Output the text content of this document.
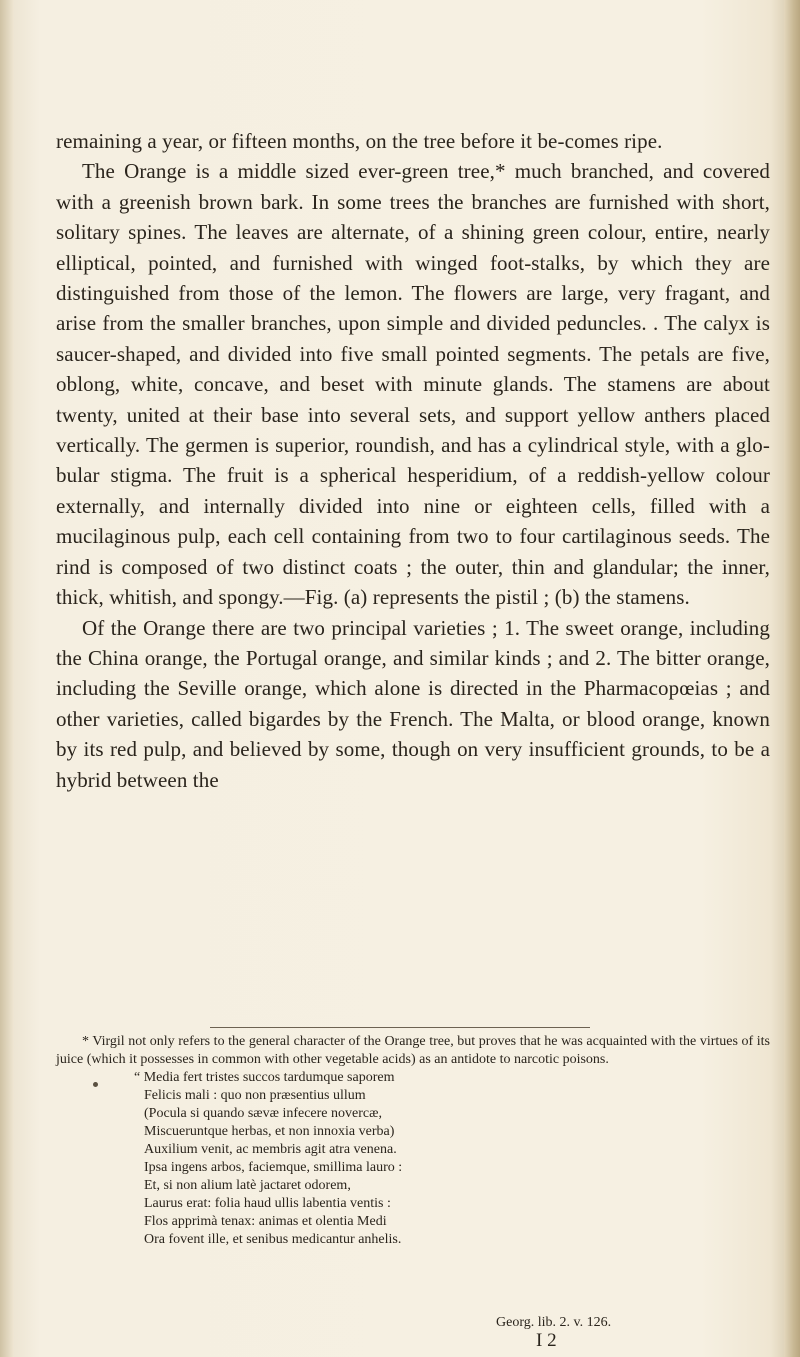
remaining a year, or fifteen months, on the tree before it be-comes ripe.

The Orange is a middle sized ever-green tree,* much branched, and covered with a greenish brown bark. In some trees the branches are furnished with short, solitary spines. The leaves are alternate, of a shining green colour, entire, nearly elliptical, pointed, and furnished with winged foot-stalks, by which they are distinguished from those of the lemon. The flowers are large, very fragant, and arise from the smaller branches, upon simple and divided peduncles. . The calyx is saucer-shaped, and divided into five small pointed segments. The petals are five, oblong, white, concave, and beset with minute glands. The stamens are about twenty, united at their base into several sets, and support yellow anthers placed vertically. The germen is superior, roundish, and has a cylindrical style, with a glo-bular stigma. The fruit is a spherical hesperidium, of a reddish-yellow colour externally, and internally divided into nine or eighteen cells, filled with a mucilaginous pulp, each cell containing from two to four cartilaginous seeds. The rind is composed of two distinct coats ; the outer, thin and glandular; the inner, thick, whitish, and spongy.—Fig. (a) represents the pistil ; (b) the stamens.

Of the Orange there are two principal varieties ; 1. The sweet orange, including the China orange, the Portugal orange, and similar kinds ; and 2. The bitter orange, including the Seville orange, which alone is directed in the Pharmacopœias ; and other varieties, called bigardes by the French. The Malta, or blood orange, known by its red pulp, and believed by some, though on very insufficient grounds, to be a hybrid between the

* Virgil not only refers to the general character of the Orange tree, but proves that he was acquainted with the virtues of its juice (which it possesses in common with other vegetable acids) as an antidote to narcotic poisons.

“ Media fert tristes succos tardumque saporem
Felicis mali : quo non præsentius ullum
(Pocula si quando sævæ infecere novercæ,
Miscueruntque herbas, et non innoxia verba)
Auxilium venit, ac membris agit atra venena.
Ipsa ingens arbos, faciemque, smillima lauro :
Et, si non alium latè jactaret odorem,
Laurus erat: folia haud ullis labentia ventis :
Flos apprimà tenax: animas et olentia Medi
Ora fovent ille, et senibus medicantur anhelis.
Georg. lib. 2. v. 126.
I 2
